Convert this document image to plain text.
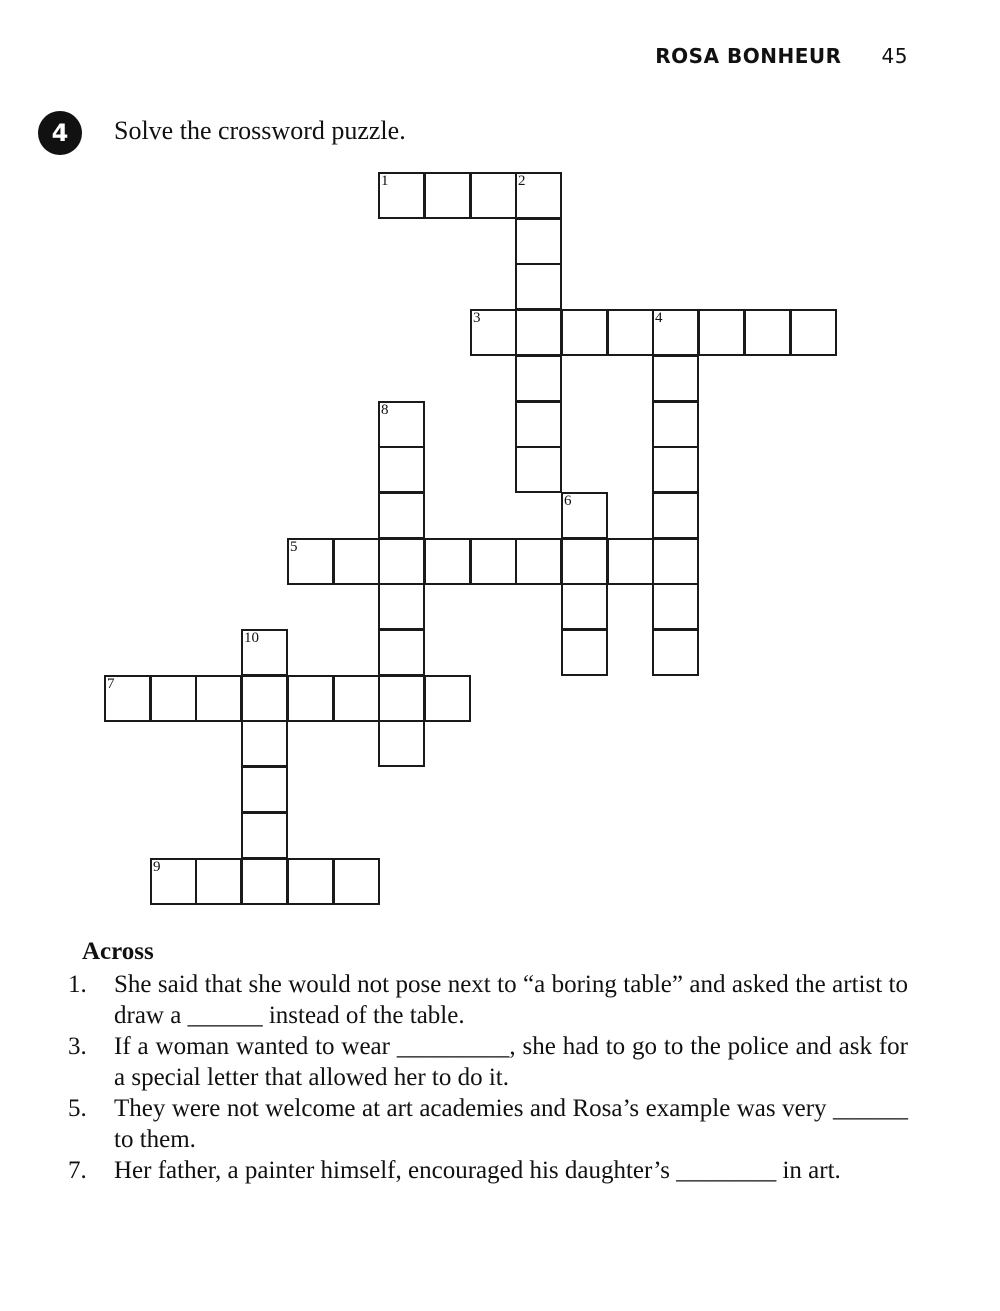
ROSA BONHEUR 45
4	Solve the crossword puzzle.
1	2
3	4
8
6
5
10
7
9
Across
1.	She said that she would not pose next to “a boring table” and asked the artist to draw a ______ instead of the table.
3.	If a woman wanted to wear _________, she had to go to the police and ask for a special letter that allowed her to do it.
5.	They were not welcome at art academies and Rosa’s example was very ______ to them.
7.	Her father, a painter himself, encouraged his daughter’s ________ in art.
